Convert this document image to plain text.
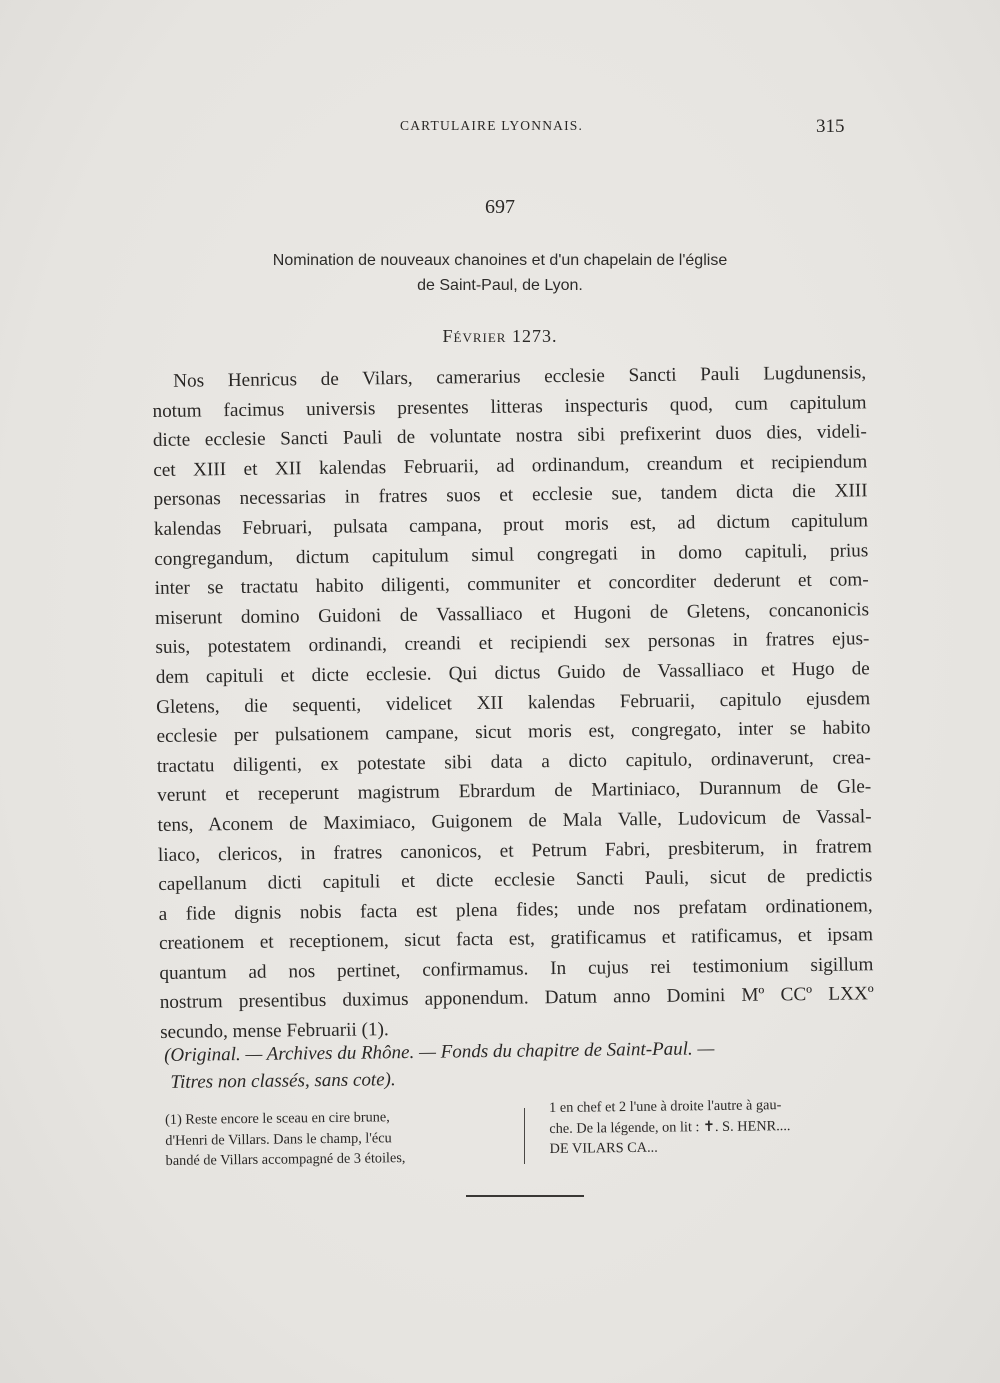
CARTULAIRE LYONNAIS.	315
697
Nomination de nouveaux chanoines et d'un chapelain de l'église
de Saint-Paul, de Lyon.
Février 1273.
Nos Henricus de Vilars, camerarius ecclesie Sancti Pauli Lugdunensis,
notum facimus universis presentes litteras inspecturis quod, cum capitulum
dicte ecclesie Sancti Pauli de voluntate nostra sibi prefixerint duos dies, videli-
cet XIII et XII kalendas Februarii, ad ordinandum, creandum et recipiendum
personas necessarias in fratres suos et ecclesie sue, tandem dicta die XIII
kalendas Februari, pulsata campana, prout moris est, ad dictum capitulum
congregandum, dictum capitulum simul congregati in domo capituli, prius
inter se tractatu habito diligenti, communiter et concorditer dederunt et com-
miserunt domino Guidoni de Vassalliaco et Hugoni de Gletens, concanonicis
suis, potestatem ordinandi, creandi et recipiendi sex personas in fratres ejus-
dem capituli et dicte ecclesie. Qui dictus Guido de Vassalliaco et Hugo de
Gletens, die sequenti, videlicet XII kalendas Februarii, capitulo ejusdem
ecclesie per pulsationem campane, sicut moris est, congregato, inter se habito
tractatu diligenti, ex potestate sibi data a dicto capitulo, ordinaverunt, crea-
verunt et receperunt magistrum Ebrardum de Martiniaco, Durannum de Gle-
tens, Aconem de Maximiaco, Guigonem de Mala Valle, Ludovicum de Vassal-
liaco, clericos, in fratres canonicos, et Petrum Fabri, presbiterum, in fratrem
capellanum dicti capituli et dicte ecclesie Sancti Pauli, sicut de predictis
a fide dignis nobis facta est plena fides; unde nos prefatam ordinationem,
creationem et receptionem, sicut facta est, gratificamus et ratificamus, et ipsam
quantum ad nos pertinet, confirmamus. In cujus rei testimonium sigillum
nostrum presentibus duximus apponendum. Datum anno Domini Mº CCº LXXº
secundo, mense Februarii (1).
(Original. — Archives du Rhône. — Fonds du chapitre de Saint-Paul. —
Titres non classés, sans cote).
(1) Reste encore le sceau en cire brune,
d'Henri de Villars. Dans le champ, l'écu
bandé de Villars accompagné de 3 étoiles,
1 en chef et 2 l'une à droite l'autre à gau-
che. De la légende, on lit : ✝. S. HENR....
DE VILARS CA...
